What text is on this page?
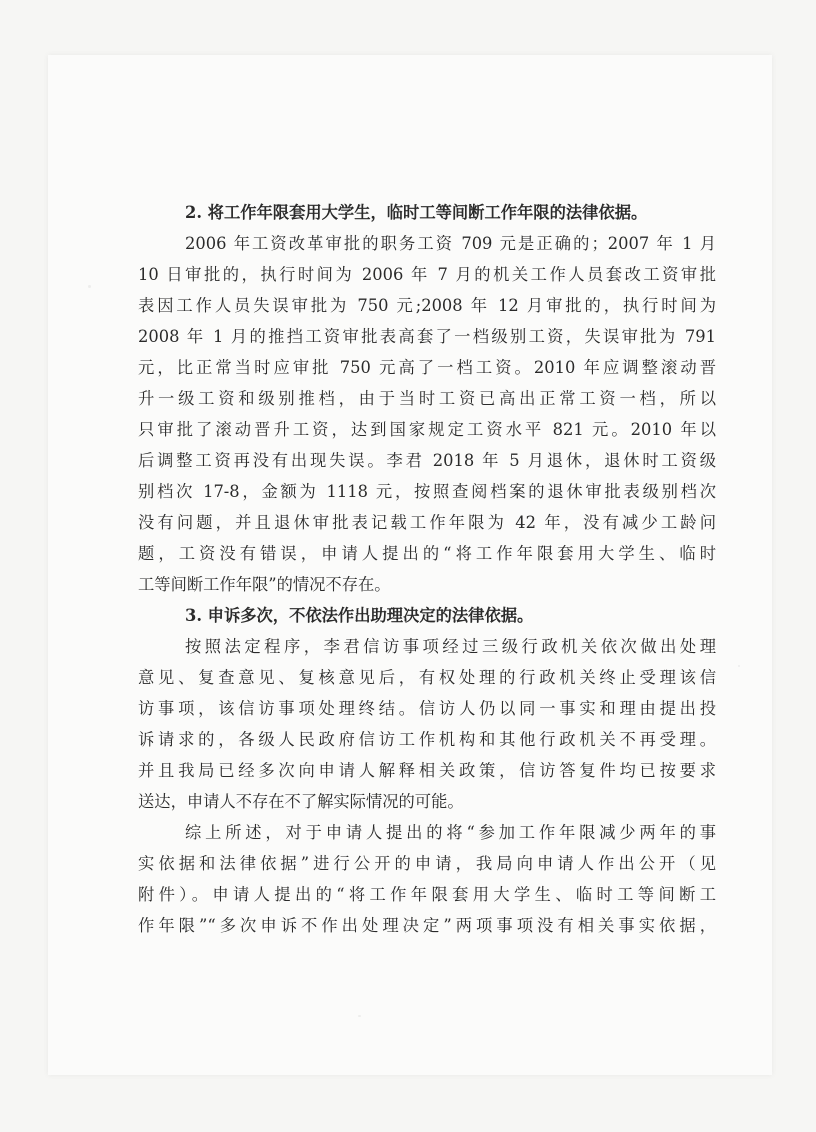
2. 将工作年限套用大学生，临时工等间断工作年限的法律依据。
2006 年工资改革审批的职务工资 709 元是正确的；2007 年 1 月
10 日审批的，执行时间为 2006 年 7 月的机关工作人员套改工资审批
表因工作人员失误审批为 750 元;2008 年 12 月审批的，执行时间为
2008 年 1 月的推挡工资审批表高套了一档级别工资，失误审批为 791
元，比正常当时应审批 750 元高了一档工资。2010 年应调整滚动晋
升一级工资和级别推档，由于当时工资已高出正常工资一档，所以
只审批了滚动晋升工资，达到国家规定工资水平 821 元。2010 年以
后调整工资再没有出现失误。李君 2018 年 5 月退休，退休时工资级
别档次 17-8，金额为 1118 元，按照查阅档案的退休审批表级别档次
没有问题，并且退休审批表记载工作年限为 42 年，没有减少工龄问
题，工资没有错误，申请人提出的“将工作年限套用大学生、临时
工等间断工作年限”的情况不存在。
3. 申诉多次，不依法作出助理决定的法律依据。
按照法定程序，李君信访事项经过三级行政机关依次做出处理
意见、复查意见、复核意见后，有权处理的行政机关终止受理该信
访事项，该信访事项处理终结。信访人仍以同一事实和理由提出投
诉请求的，各级人民政府信访工作机构和其他行政机关不再受理。
并且我局已经多次向申请人解释相关政策，信访答复件均已按要求
送达，申请人不存在不了解实际情况的可能。
综上所述，对于申请人提出的将“参加工作年限减少两年的事
实依据和法律依据”进行公开的申请，我局向申请人作出公开（见
附件）。申请人提出的“将工作年限套用大学生、临时工等间断工
作年限”“多次申诉不作出处理决定”两项事项没有相关事实依据，
